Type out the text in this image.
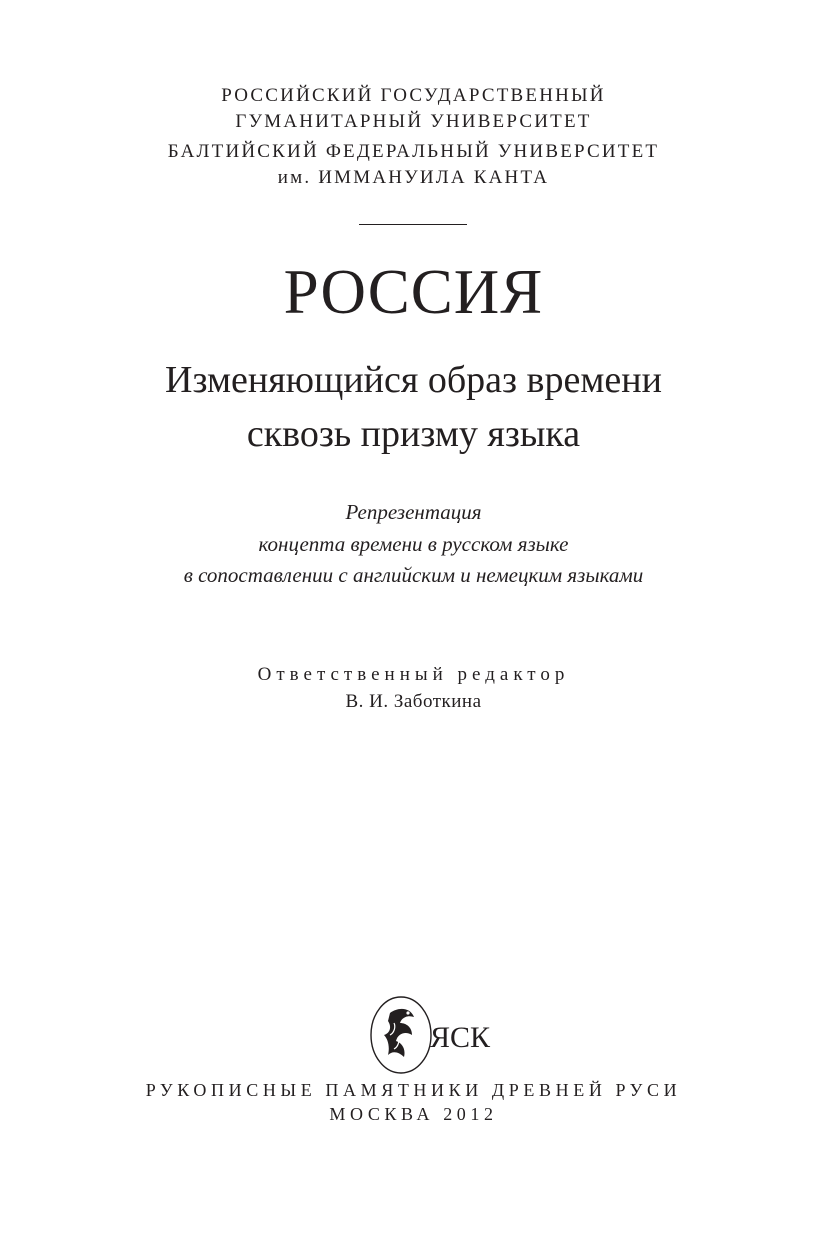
РОССИЙСКИЙ ГОСУДАРСТВЕННЫЙ
ГУМАНИТАРНЫЙ УНИВЕРСИТЕТ
БАЛТИЙСКИЙ ФЕДЕРАЛЬНЫЙ УНИВЕРСИТЕТ
им. ИММАНУИЛА КАНТА
РОССИЯ
Изменяющийся образ времени
сквозь призму языка
Репрезентация
концепта времени в русском языке
в сопоставлении с английским и немецким языками
Ответственный редактор
В. И. Заботкина
ЯСК
РУКОПИСНЫЕ ПАМЯТНИКИ ДРЕВНЕЙ РУСИ
МОСКВА 2012
